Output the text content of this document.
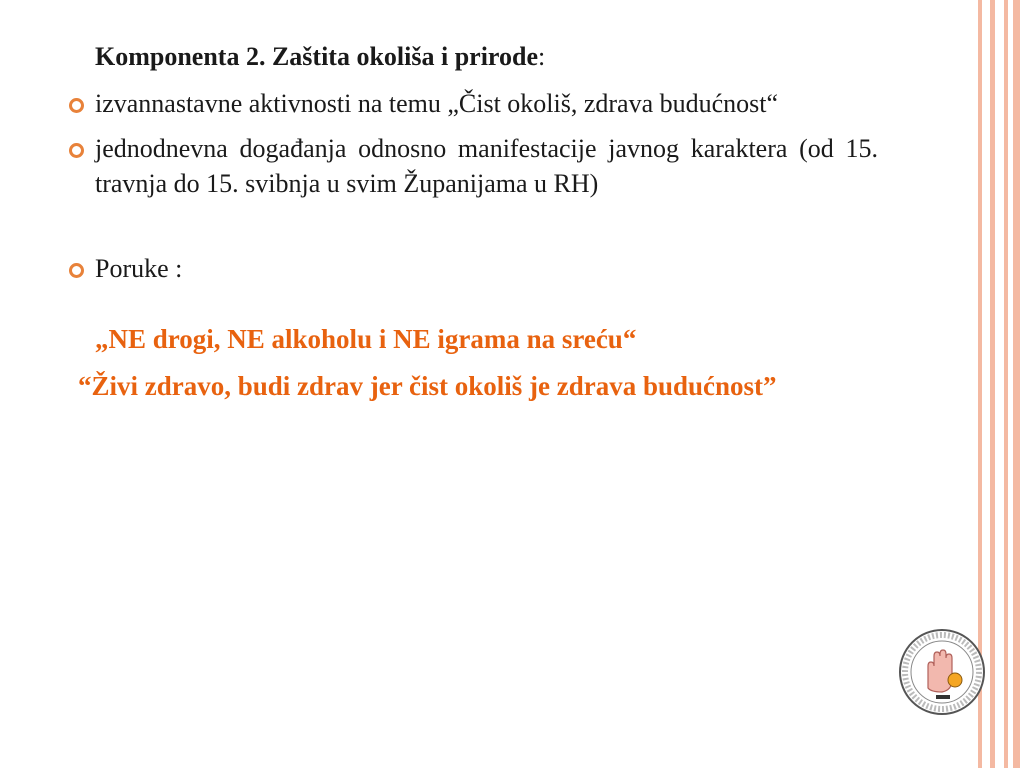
Komponenta 2. Zaštita okoliša i prirode:
izvannastavne aktivnosti na temu „Čist okoliš, zdrava budućnost“
jednodnevna događanja odnosno manifestacije javnog karaktera (od 15. travnja do 15. svibnja u svim Županijama u RH)
Poruke :
„NE drogi, NE alkoholu i NE igrama na sreću“
“Živi zdravo, budi zdrav jer čist okoliš je zdrava budućnost”
